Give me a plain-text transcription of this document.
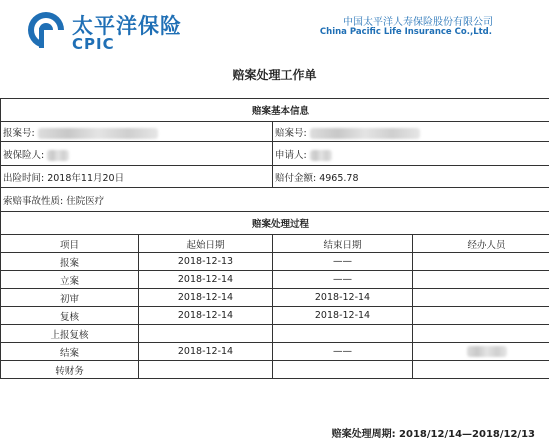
太平洋保险
CPIC
中国太平洋人寿保险股份有限公司
China Pacific Life Insurance Co.,Ltd.
赔案处理工作单
赔案基本信息			
报案号:		赔案号:	
被保险人:		申请人:	
出险时间: 2018年11月20日		赔付金额: 4965.78	
索赔事故性质: 住院医疗			
赔案处理过程			
项目	起始日期	结束日期	经办人员
报案	2018-12-13	——	
立案	2018-12-14	——	
初审	2018-12-14	2018-12-14	
复核	2018-12-14	2018-12-14	
上报复核			
结案	2018-12-14	——	
转财务			
赔案处理周期: 2018/12/14—2018/12/13
